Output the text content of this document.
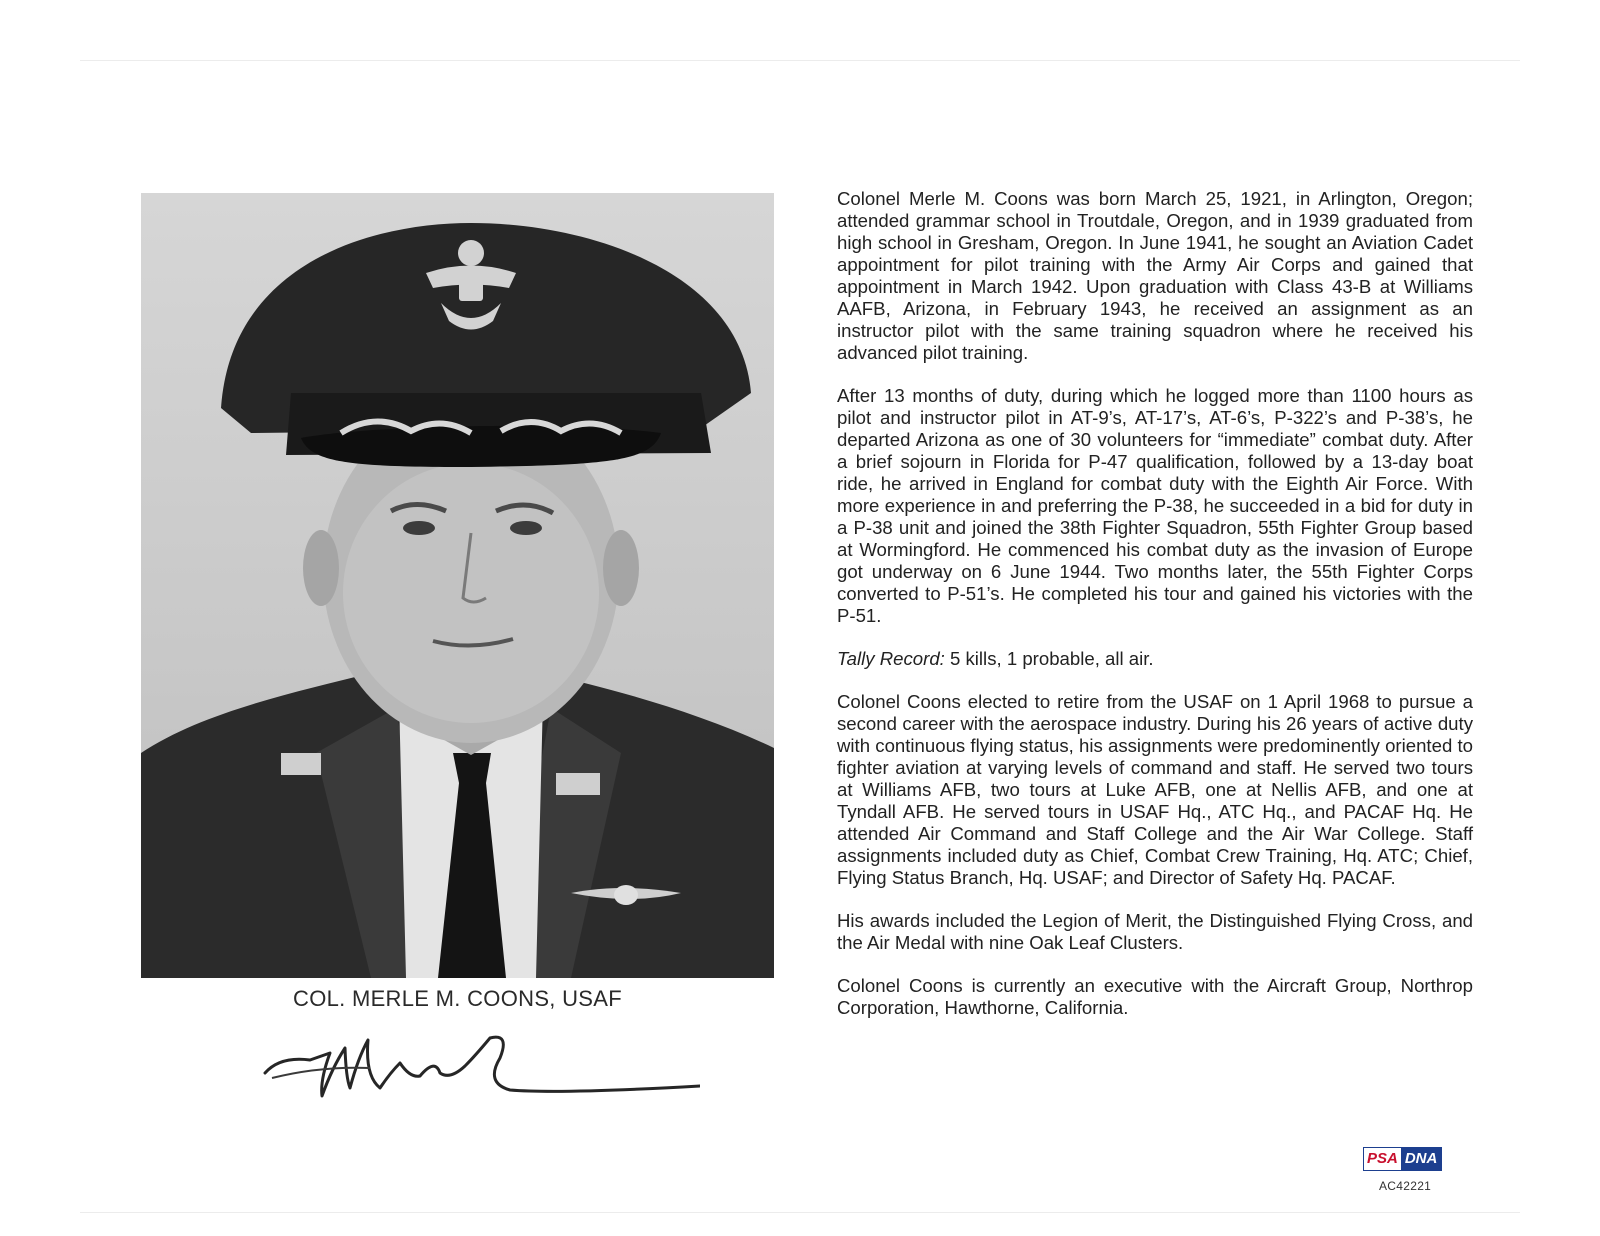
COL. MERLE M. COONS, USAF

Colonel Merle M. Coons was born March 25, 1921, in Arlington, Oregon; attended grammar school in Troutdale, Oregon, and in 1939 graduated from high school in Gresham, Oregon. In June 1941, he sought an Aviation Cadet appointment for pilot training with the Army Air Corps and gained that appointment in March 1942. Upon graduation with Class 43-B at Williams AAFB, Arizona, in February 1943, he received an assignment as an instructor pilot with the same training squadron where he received his advanced pilot training.

After 13 months of duty, during which he logged more than 1100 hours as pilot and instructor pilot in AT-9’s, AT-17’s, AT-6’s, P-322’s and P-38’s, he departed Arizona as one of 30 volunteers for “immediate” combat duty. After a brief sojourn in Florida for P-47 qualification, followed by a 13-day boat ride, he arrived in England for combat duty with the Eighth Air Force. With more experience in and preferring the P-38, he succeeded in a bid for duty in a P-38 unit and joined the 38th Fighter Squadron, 55th Fighter Group based at Wormingford. He commenced his combat duty as the invasion of Europe got underway on 6 June 1944. Two months later, the 55th Fighter Corps converted to P-51’s. He completed his tour and gained his victories with the P-51.

Tally Record: 5 kills, 1 probable, all air.

Colonel Coons elected to retire from the USAF on 1 April 1968 to pursue a second career with the aerospace industry. During his 26 years of active duty with continuous flying status, his assignments were predominently oriented to fighter aviation at varying levels of command and staff. He served two tours at Williams AFB, two tours at Luke AFB, one at Nellis AFB, and one at Tyndall AFB. He served tours in USAF Hq., ATC Hq., and PACAF Hq. He attended Air Command and Staff College and the Air War College. Staff assignments included duty as Chief, Combat Crew Training, Hq. ATC; Chief, Flying Status Branch, Hq. USAF; and Director of Safety Hq. PACAF.

His awards included the Legion of Merit, the Distinguished Flying Cross, and the Air Medal with nine Oak Leaf Clusters.

Colonel Coons is currently an executive with the Aircraft Group, Northrop Corporation, Hawthorne, California.

PSA DNA
AC42221
